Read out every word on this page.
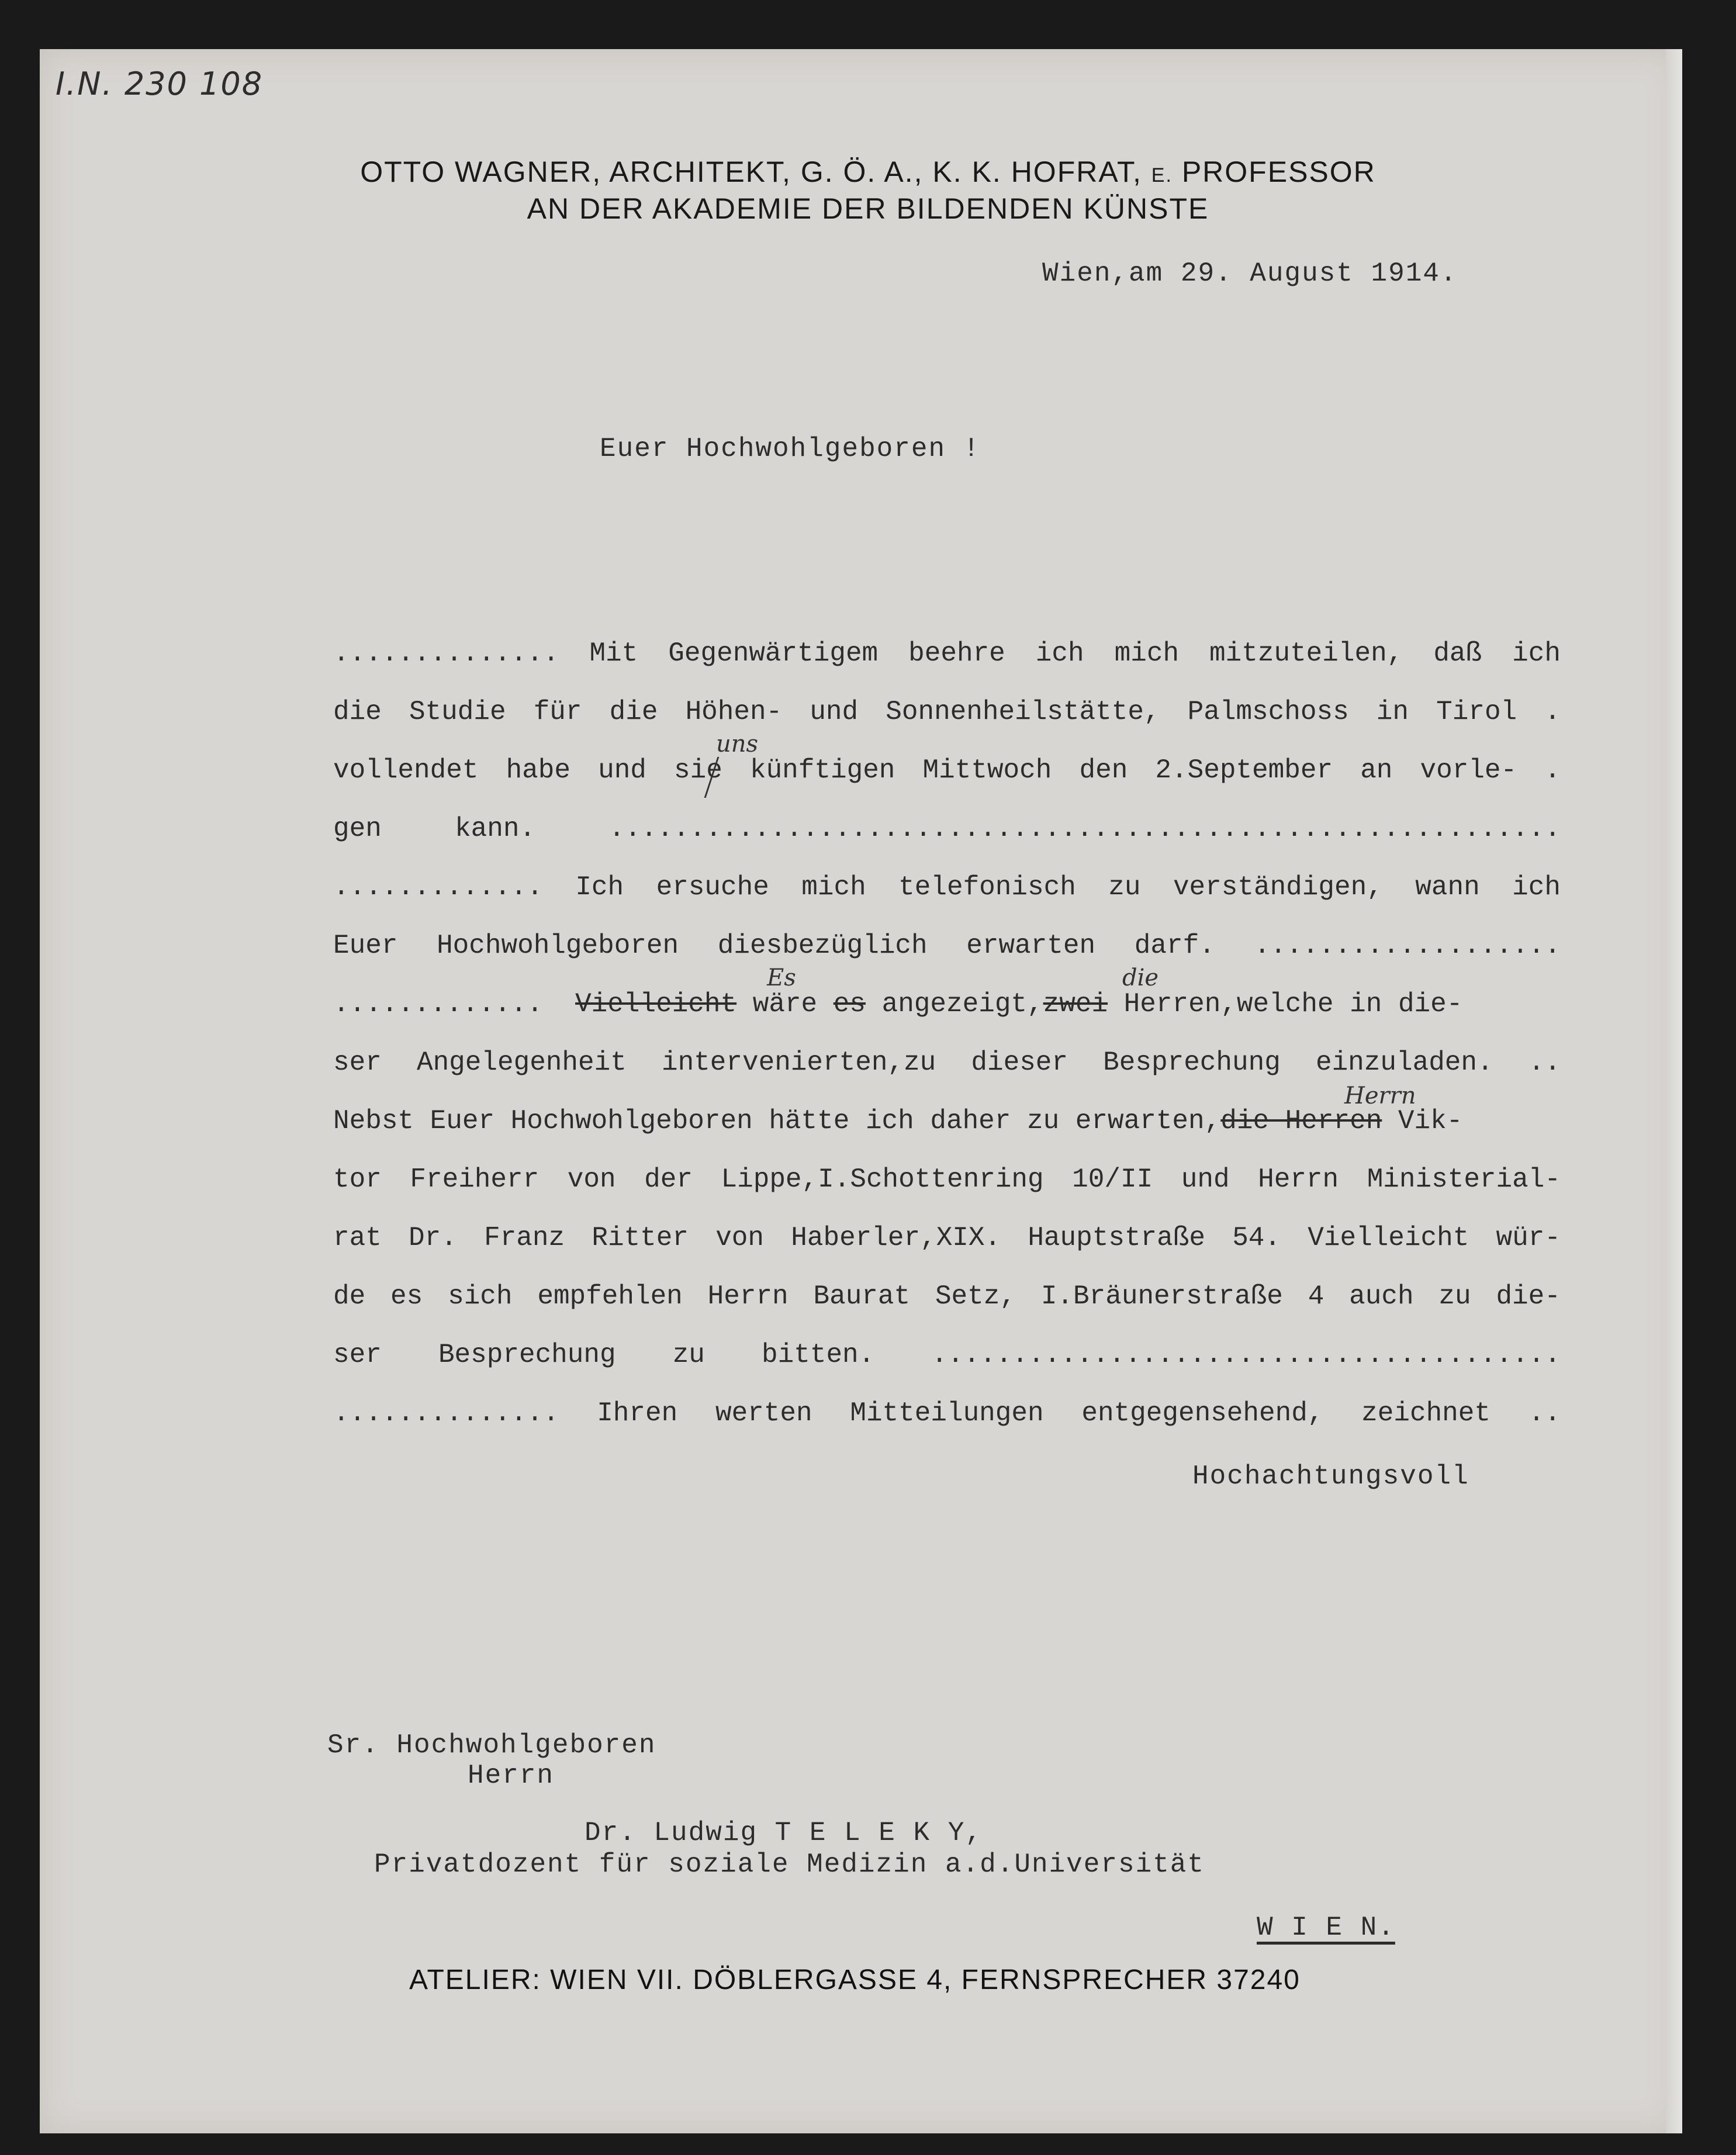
I.N. 230 108
OTTO WAGNER, ARCHITEKT, G. Ö. A., K. K. HOFRAT, E. PROFESSOR
AN DER AKADEMIE DER BILDENDEN KÜNSTE
Wien,am 29. August 1914.
Euer Hochwohlgeboren !
.............. Mit Gegenwärtigem beehre ich mich mitzuteilen, daß ich
die Studie für die Höhen- und Sonnenheilstätte, Palmschoss in Tirol .
vollendet habe und sie künftigen Mittwoch den 2.September an vorle- .
gen	kann.	...........................................................
............. Ich ersuche mich telefonisch zu verständigen, wann ich
Euer Hochwohlgeboren diesbezüglich erwarten darf. ...................
.............
Vielleicht
wäre
es
angezeigt, zwei
Herren,welche in die-
ser Angelegenheit intervenierten,zu dieser Besprechung einzuladen. ..
Nebst Euer Hochwohlgeboren hätte ich daher zu erwarten, die Herren
Vik-
tor Freiherr von der Lippe,I.Schottenring 10/II und Herrn Ministerial-
rat Dr. Franz Ritter von Haberler,XIX. Hauptstraße 54. Vielleicht wür-
de es sich empfehlen Herrn Baurat Setz, I.Bräunerstraße 4 auch zu die-
ser Besprechung zu bitten. .......................................
.............. Ihren werten Mitteilungen entgegensehend, zeichnet ..
uns
Es	die
Herrn
Hochachtungsvoll
Sr. Hochwohlgeboren
Herrn
Dr. Ludwig T E L E K Y,
Privatdozent für soziale Medizin a.d.Universität
W I E N.
ATELIER: WIEN VII. DÖBLERGASSE 4, FERNSPRECHER 37240
